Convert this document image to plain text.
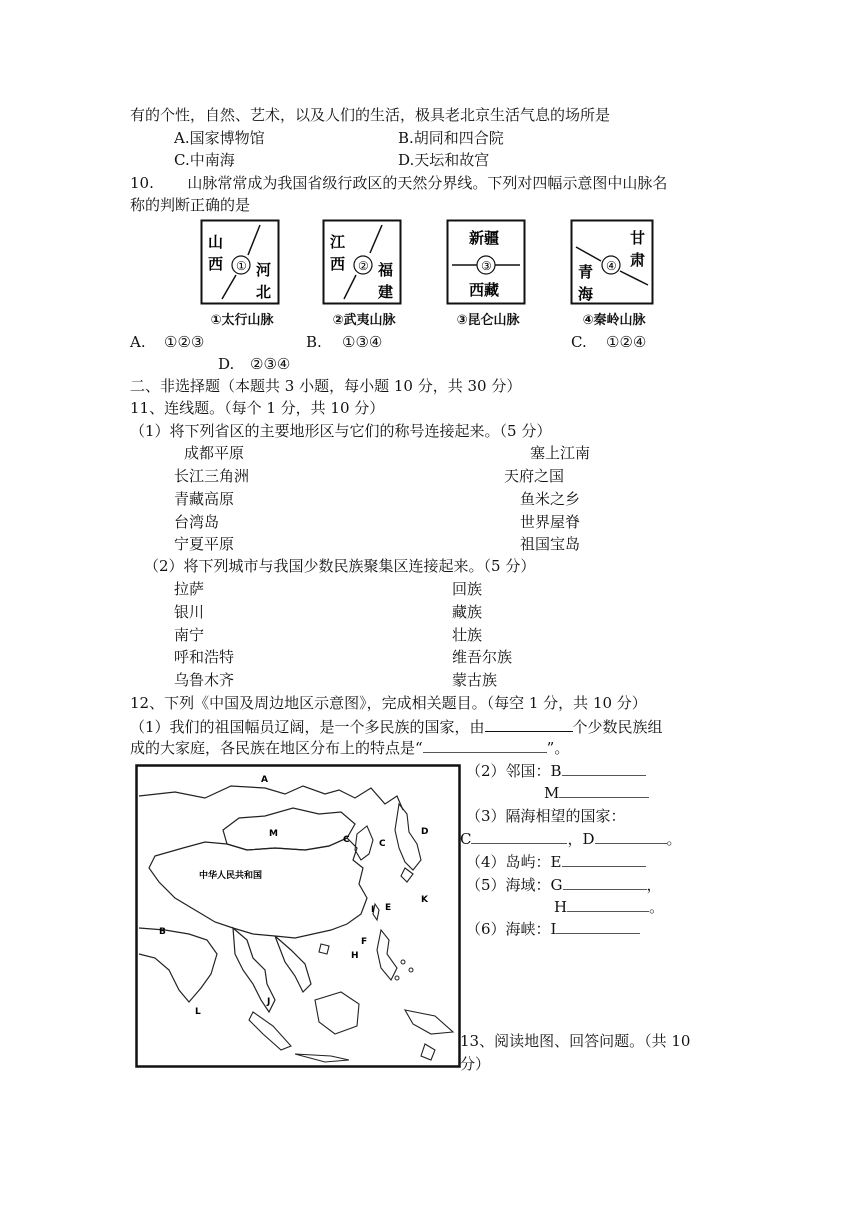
有的个性，自然、艺术，以及人们的生活，极具老北京生活气息的场所是
A.国家博物馆	B.胡同和四合院
C.中南海	D.天坛和故宫
10. 山脉常常成为我国省级行政区的天然分界线。下列对四幅示意图中山脉名
称的判断正确的是
山
西 ① 河
北
①太行山脉
江
西 ② 福
建
②武夷山脉
新疆
③
西藏
③昆仑山脉
甘
肃
④
青
海
④秦岭山脉
A. ①②③	B. ①③④	C. ①②④
D. ②③④
二、非选择题（本题共 3 小题，每小题 10 分，共 30 分）
11、连线题。（每个 1 分，共 10 分）
（1）将下列省区的主要地形区与它们的称号连接起来。（5 分）
成都平原
长江三角洲
青藏高原
台湾岛
宁夏平原
塞上江南
天府之国
鱼米之乡
世界屋脊
祖国宝岛
（2）将下列城市与我国少数民族聚集区连接起来。（5 分）
拉萨
银川
南宁
呼和浩特
乌鲁木齐
回族
藏族
壮族
维吾尔族
蒙古族
12、下列《中国及周边地区示意图》，完成相关题目。（每空 1 分，共 10 分）
（1）我们的祖国幅员辽阔，是一个多民族的国家，由	个少数民族组
成的大家庭，各民族在地区分布上的特点是“	”。
中华人民共和国
A
M
C	C
D
B
K
I E
F
H
J
L
（2）邻国：B
M
（3）隔海相望的国家：
C	，D	。
（4）岛屿：E
（5）海域：G	，
H	。
（6）海峡：I
13、阅读地图、回答问题。（共 10
分）
